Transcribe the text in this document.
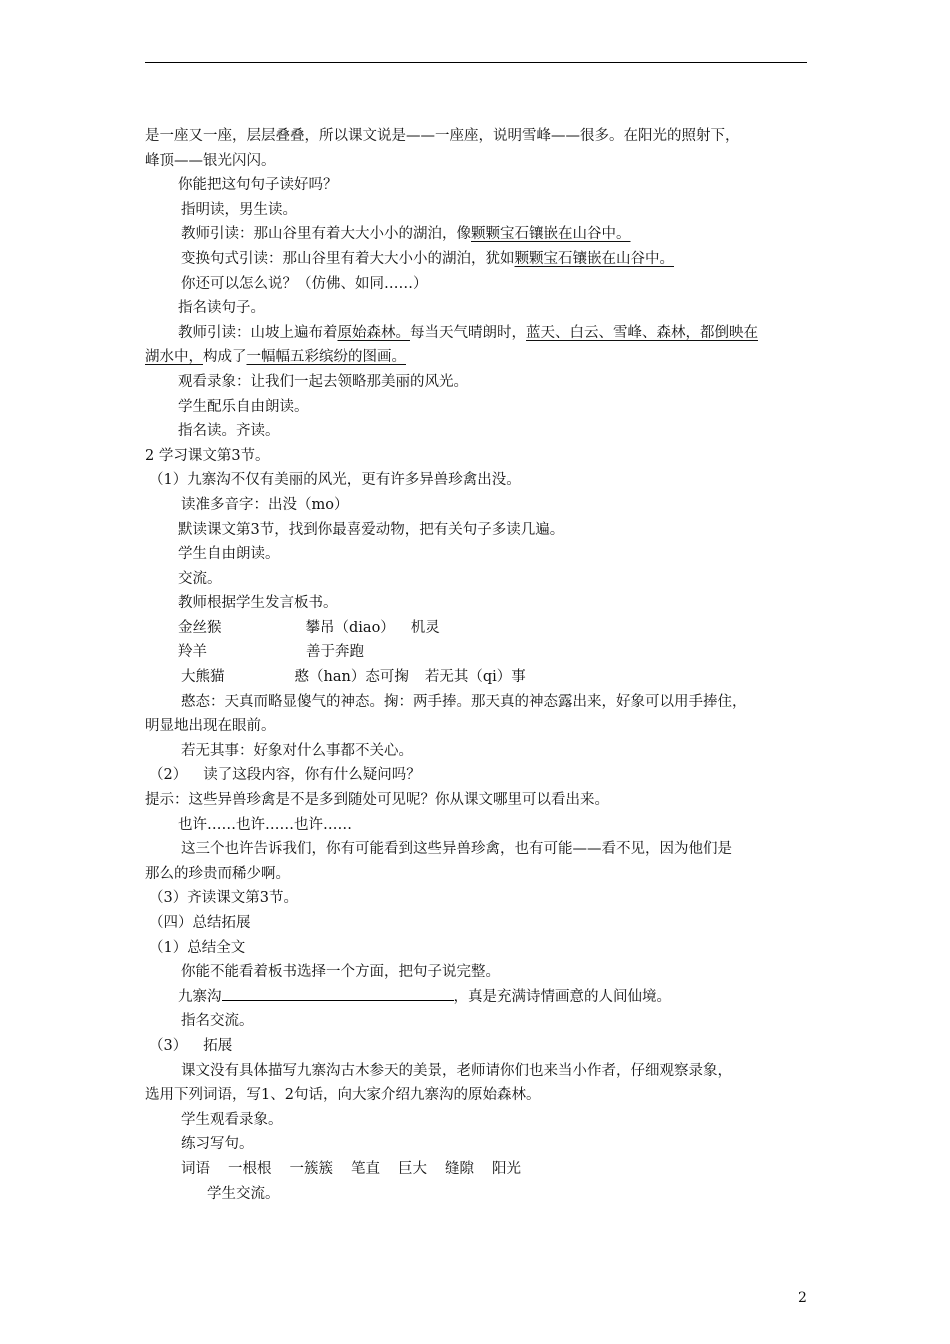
是一座又一座，层层叠叠，所以课文说是——一座座，说明雪峰——很多。在阳光的照射下，
峰顶——银光闪闪。
你能把这句句子读好吗？
指明读，男生读。
教师引读：那山谷里有着大大小小的湖泊，像颗颗宝石镶嵌在山谷中。
变换句式引读：那山谷里有着大大小小的湖泊，犹如颗颗宝石镶嵌在山谷中。
你还可以怎么说？（仿佛、如同……）
指名读句子。
教师引读：山坡上遍布着原始森林。每当天气晴朗时，蓝天、白云、雪峰、森林，都倒映在
湖水中，构成了一幅幅五彩缤纷的图画。
观看录象：让我们一起去领略那美丽的风光。
学生配乐自由朗读。
指名读。齐读。
2 学习课文第3节。
（1）九寨沟不仅有美丽的风光，更有许多异兽珍禽出没。
读准多音字：出没（mo）
默读课文第3节，找到你最喜爱动物，把有关句子多读几遍。
学生自由朗读。
交流。
教师根据学生发言板书。
金丝猴	攀吊（diao） 机灵
羚羊	善于奔跑
大熊猫	憨（han）态可掬 若无其（qi）事
憨态：天真而略显傻气的神态。掬：两手捧。那天真的神态露出来，好象可以用手捧住，
明显地出现在眼前。
若无其事：好象对什么事都不关心。
（2） 读了这段内容，你有什么疑问吗？
提示：这些异兽珍禽是不是多到随处可见呢？你从课文哪里可以看出来。
也许……也许……也许……
这三个也许告诉我们，你有可能看到这些异兽珍禽，也有可能——看不见，因为他们是
那么的珍贵而稀少啊。
（3）齐读课文第3节。
（四）总结拓展
（1）总结全文
你能不能看着板书选择一个方面，把句子说完整。
九寨沟	，真是充满诗情画意的人间仙境。
指名交流。
（3） 拓展
课文没有具体描写九寨沟古木参天的美景，老师请你们也来当小作者，仔细观察录象，
选用下列词语，写1、2句话，向大家介绍九寨沟的原始森林。
学生观看录象。
练习写句。
词语 一根根 一簇簇 笔直 巨大 缝隙 阳光
学生交流。
2
